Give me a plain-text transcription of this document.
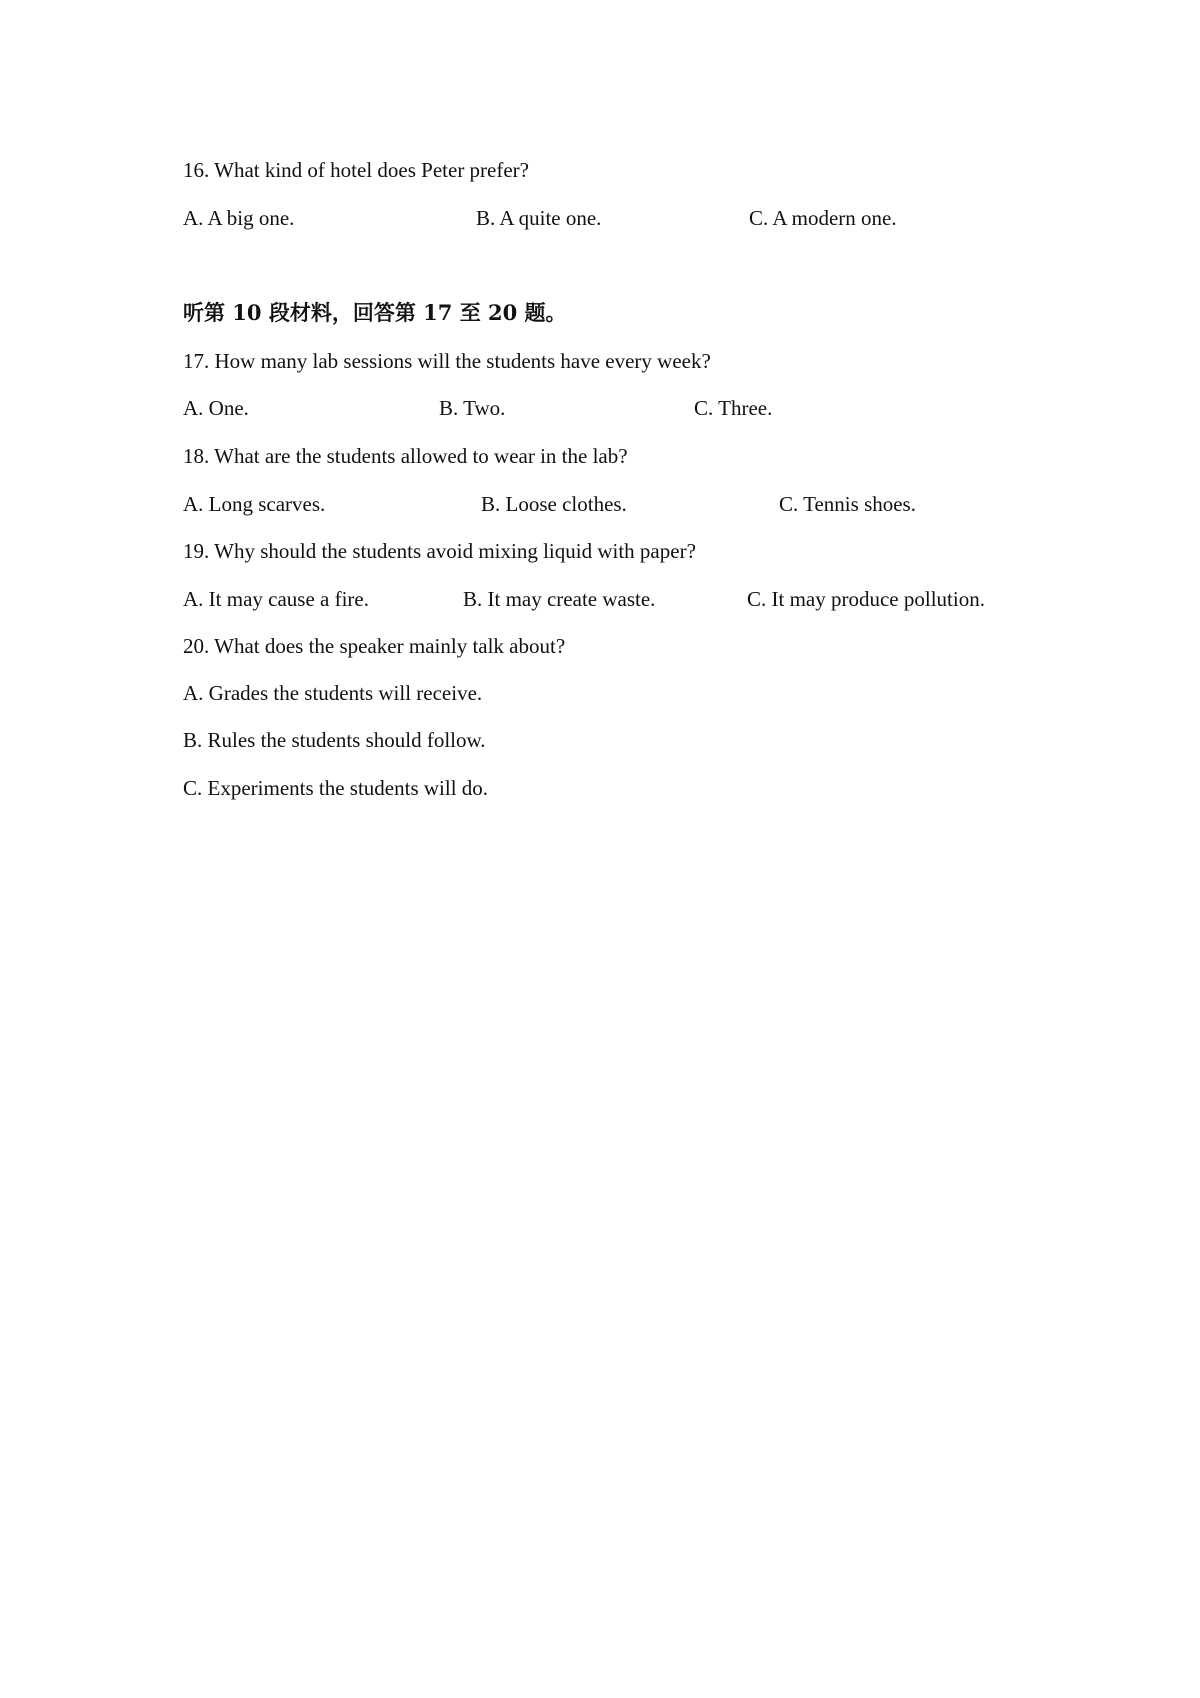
16. What kind of hotel does Peter prefer?
A. A big one.	B. A quite one.	C. A modern one.
听第 10 段材料，回答第 17 至 20 题。
17. How many lab sessions will the students have every week?
A. One.	B. Two.	C. Three.
18. What are the students allowed to wear in the lab?
A. Long scarves.	B. Loose clothes.	C. Tennis shoes.
19. Why should the students avoid mixing liquid with paper?
A. It may cause a fire.	B. It may create waste.	C. It may produce pollution.
20. What does the speaker mainly talk about?
A. Grades the students will receive.
B. Rules the students should follow.
C. Experiments the students will do.
